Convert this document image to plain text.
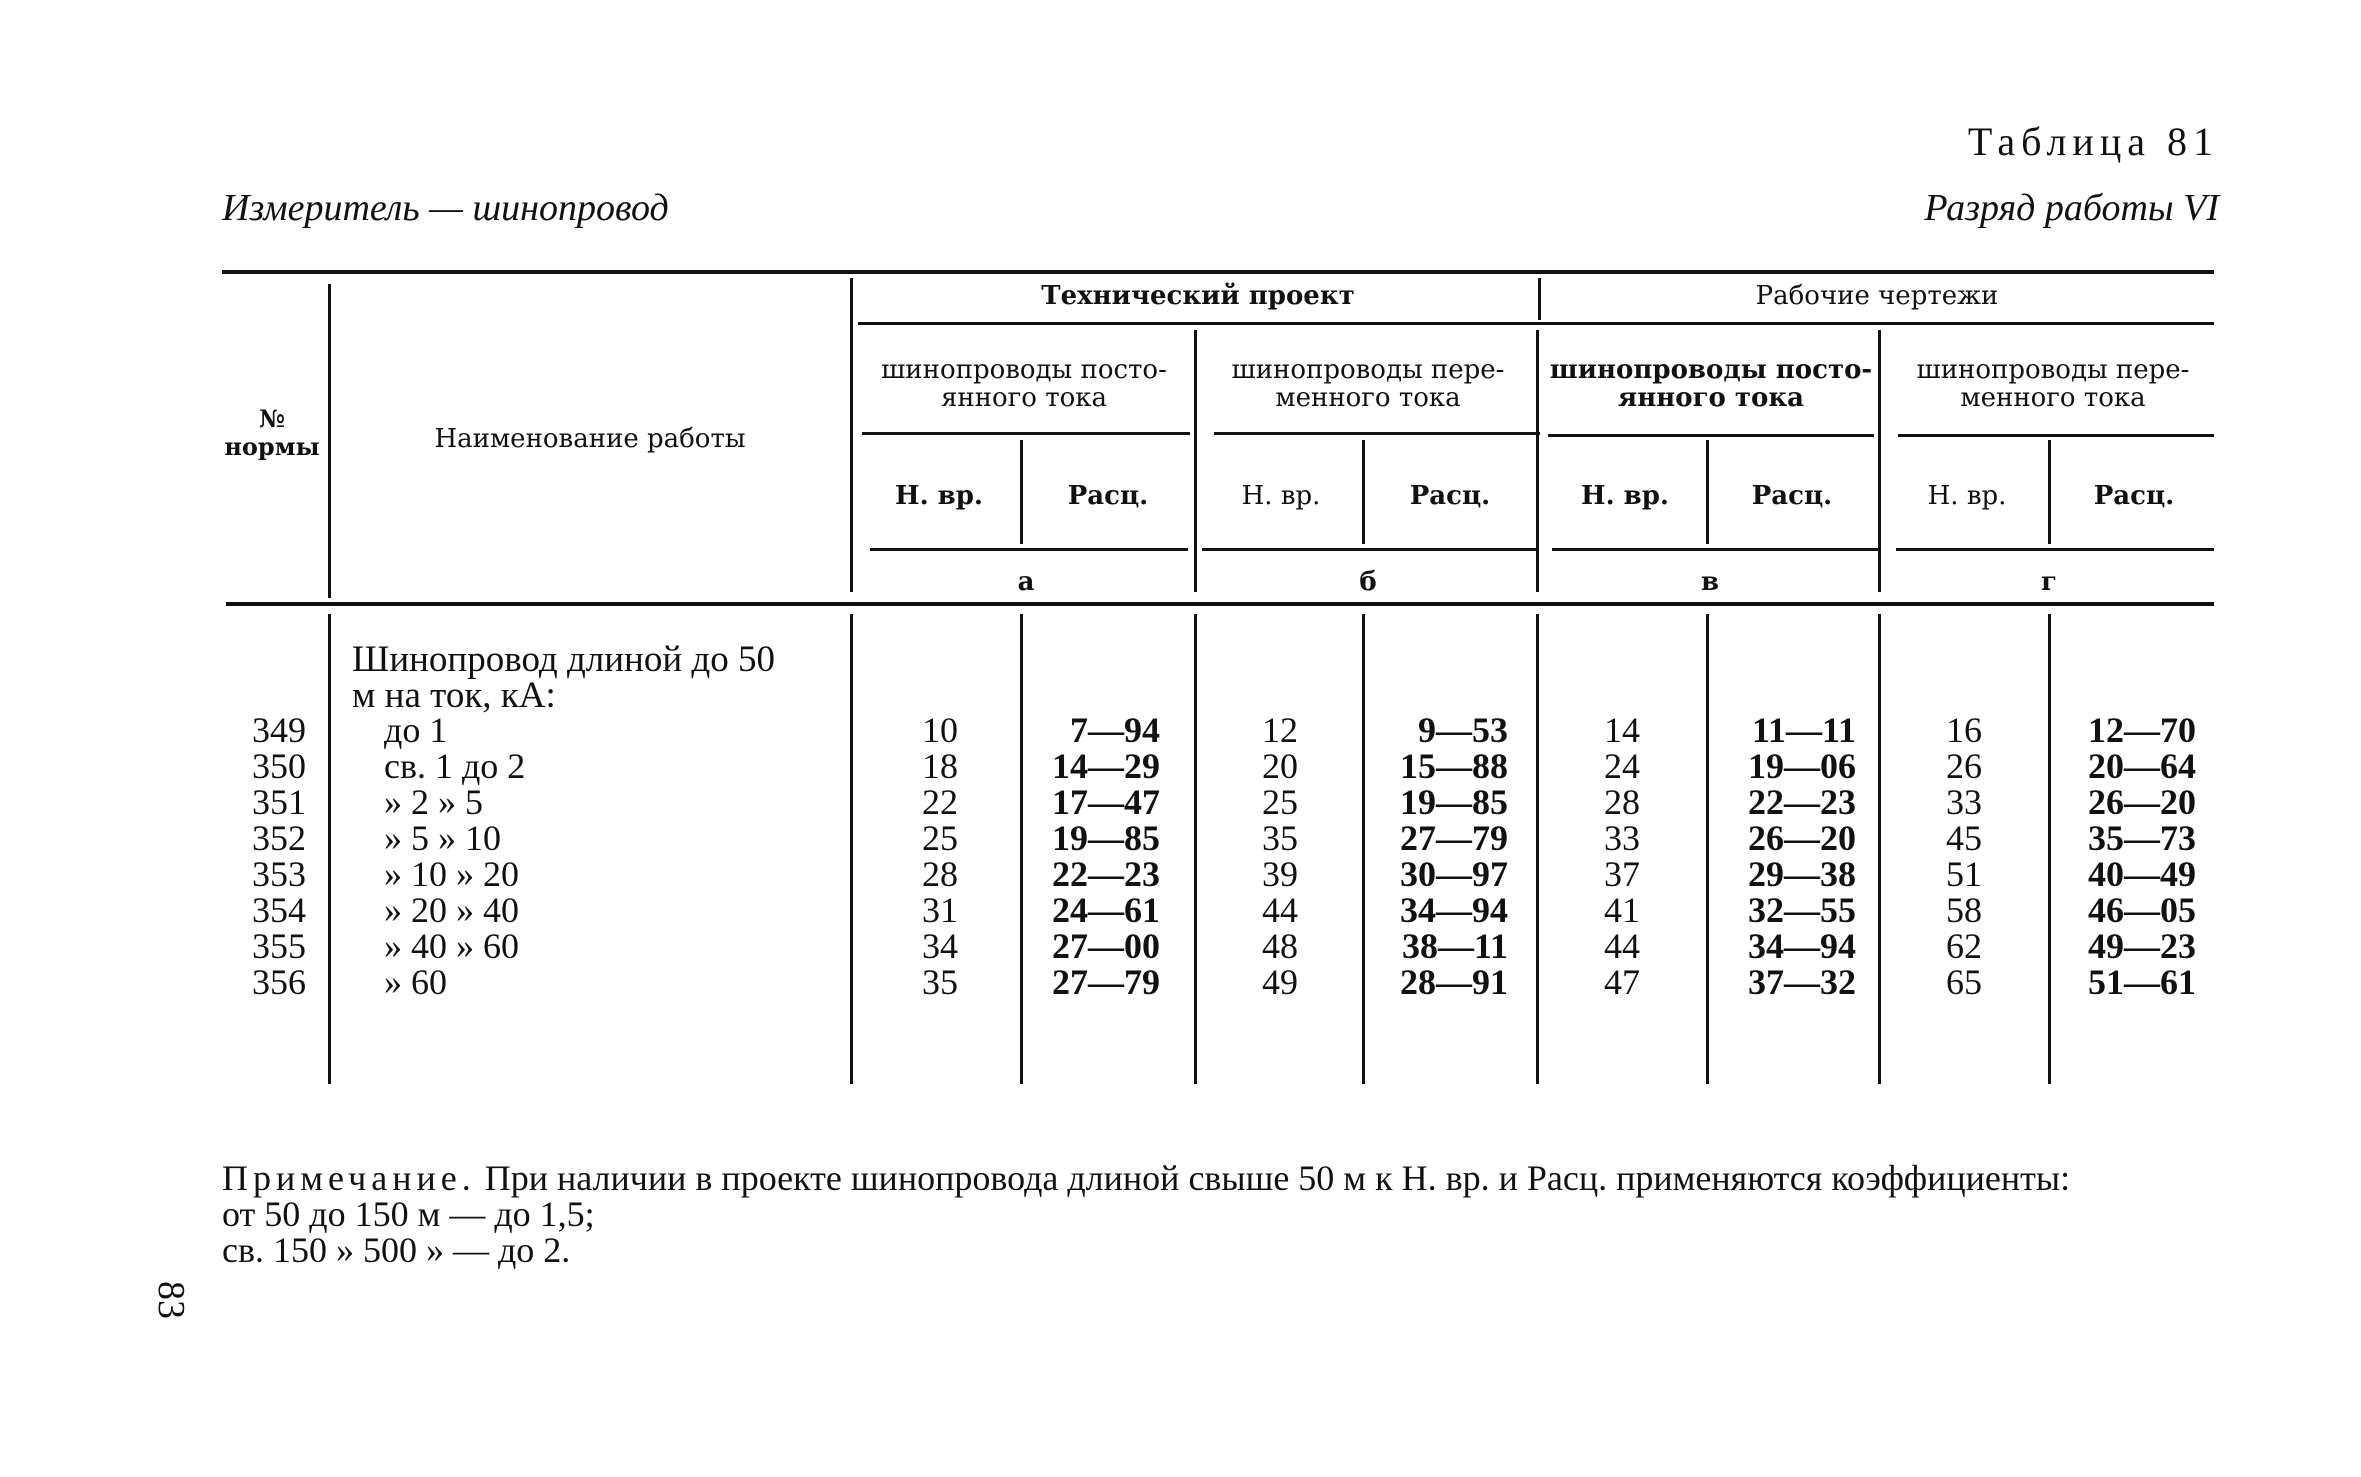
Таблица 81
Измеритель — шинопровод	Разряд работы VI
№ нормы	Наименование работы
Технический проект	Рабочие чертежи
шинопроводы посто-янного тока
шинопроводы пере-менного тока
шинопроводы посто-янного тока
шинопроводы пере-менного тока
Н. вр.	Расц.	Н. вр.	Расц.	Н. вр.	Расц.	Н. вр.	Расц.
а	б	в	г
Шинопровод длиной до 50 м на ток, кА:
349	до 1	10	7—94	12	9—53	14	11—11	16	12—70
350	св. 1 до 2	18	14—29	20	15—88	24	19—06	26	20—64
351	» 2 » 5	22	17—47	25	19—85	28	22—23	33	26—20
352	» 5 » 10	25	19—85	35	27—79	33	26—20	45	35—73
353	» 10 » 20	28	22—23	39	30—97	37	29—38	51	40—49
354	» 20 » 40	31	24—61	44	34—94	41	32—55	58	46—05
355	» 40 » 60	34	27—00	48	38—11	44	34—94	62	49—23
356	» 60	35	27—79	49	28—91	47	37—32	65	51—61
Примечание. При наличии в проекте шинопровода длиной свыше 50 м к Н. вр. и Расц. применяются коэффициенты:
от 50 до 150 м — до 1,5;
св. 150 » 500 » — до 2.
83
